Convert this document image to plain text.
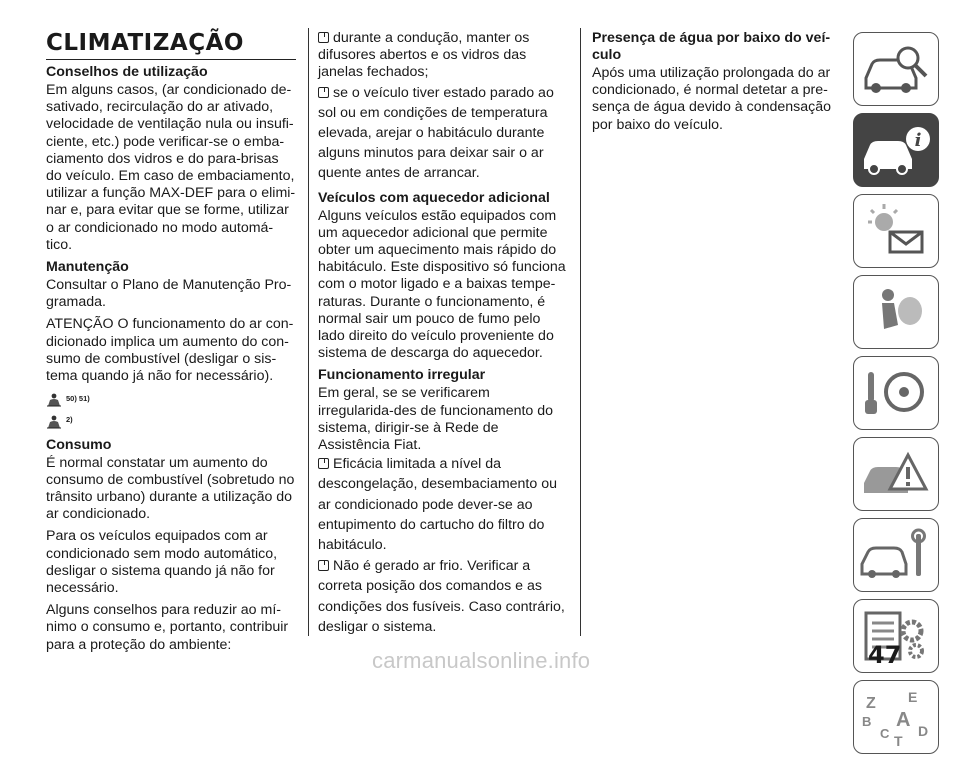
CLIMATIZAÇÃO
Conselhos de utilização

Em alguns casos, (ar condicionado de-sativado, recirculação do ar ativado, velocidade de ventilação nula ou insufi-ciente, etc.) pode verificar-se o emba-ciamento dos vidros e do para-brisas do veículo. Em caso de embaciamento, utilizar a função MAX-DEF para o elimi-nar e, para evitar que se forme, utilizar o ar condicionado no modo automá-tico.

Manutenção

Consultar o Plano de Manutenção Pro-gramada.

ATENÇÃO O funcionamento do ar con-dicionado implica um aumento do con-sumo de combustível (desligar o sis-tema quando já não for necessário).

50) 51)
2)
Consumo

É normal constatar um aumento do consumo de combustível (sobretudo no trânsito urbano) durante a utilização do ar condicionado.

Para os veículos equipados com ar condicionado sem modo automático, desligar o sistema quando já não for necessário.

Alguns conselhos para reduzir ao mí-nimo o consumo e, portanto, contribuir para a proteção do ambiente:

durante a condução, manter os difusores abertos e os vidros das janelas fechados;

se o veículo tiver estado parado ao sol ou em condições de temperatura elevada, arejar o habitáculo durante alguns minutos para deixar sair o ar quente antes de arrancar.

Veículos com aquecedor adicional

Alguns veículos estão equipados com um aquecedor adicional que permite obter um aquecimento mais rápido do habitáculo. Este dispositivo só funciona com o motor ligado e a baixas tempe-raturas. Durante o funcionamento, é normal sair um pouco de fumo pelo lado direito do veículo proveniente do sistema de descarga do aquecedor.

Funcionamento irregular

Em geral, se se verificarem irregularida-des de funcionamento do sistema, dirigir-se à Rede de Assistência Fiat.

Eficácia limitada a nível da descongelação, desembaciamento ou ar condicionado pode dever-se ao entupimento do cartucho do filtro do habitáculo.

Não é gerado ar frio. Verificar a correta posição dos comandos e as condições dos fusíveis. Caso contrário, desligar o sistema.

Presença de água por baixo do veí-culo

Após uma utilização prolongada do ar condicionado, é normal detetar a pre-sença de água devido à condensação por baixo do veículo.

i
Z E
B A
C D
T
47
carmanualsonline.info
